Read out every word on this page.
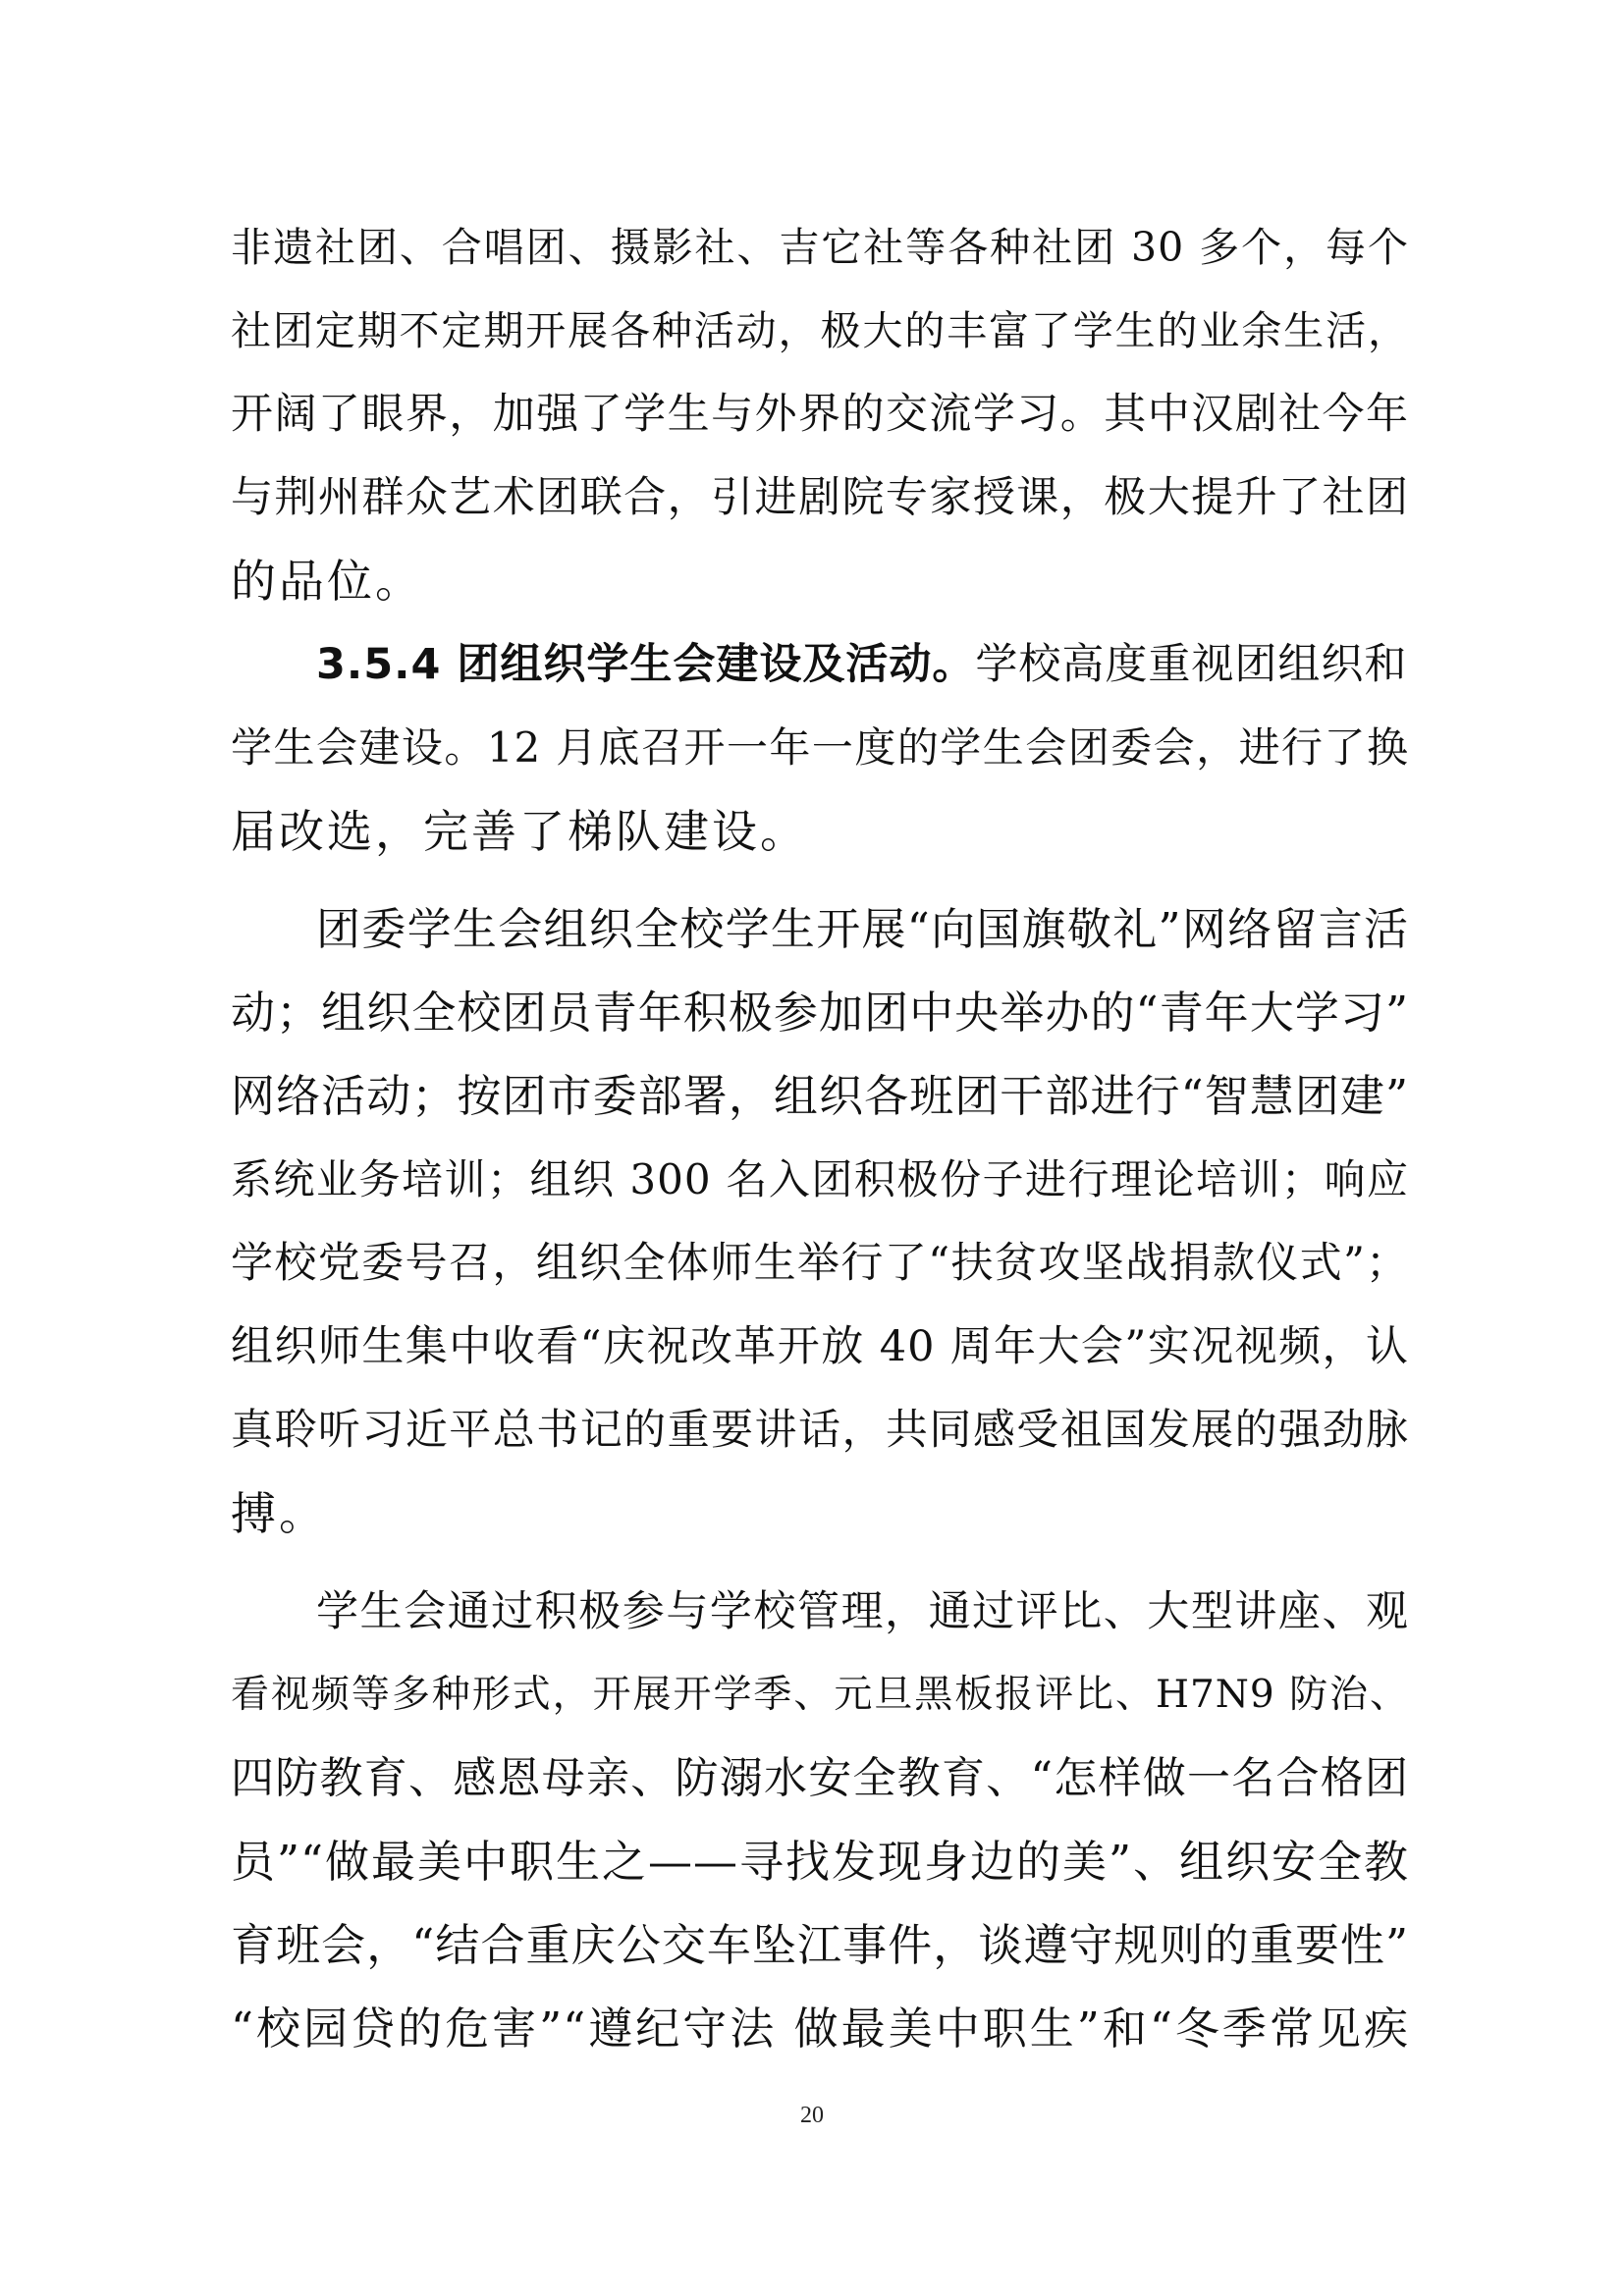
非遗社团、合唱团、摄影社、吉它社等各种社团 30 多个，每个
社团定期不定期开展各种活动，极大的丰富了学生的业余生活，
开阔了眼界，加强了学生与外界的交流学习。其中汉剧社今年
与荆州群众艺术团联合，引进剧院专家授课，极大提升了社团
的品位。
3.5.4 团组织学生会建设及活动。 学校高度重视团组织和
学生会建设。12 月底召开一年一度的学生会团委会，进行了换
届改选，完善了梯队建设。
团委学生会组织全校学生开展“向国旗敬礼”网络留言活
动；组织全校团员青年积极参加团中央举办的“青年大学习”
网络活动；按团市委部署，组织各班团干部进行“智慧团建”
系统业务培训；组织 300 名入团积极份子进行理论培训；响应
学校党委号召，组织全体师生举行了“扶贫攻坚战捐款仪式”；
组织师生集中收看“庆祝改革开放 40 周年大会”实况视频，认
真聆听习近平总书记的重要讲话，共同感受祖国发展的强劲脉
搏。
学生会通过积极参与学校管理，通过评比、大型讲座、观
看视频等多种形式，开展开学季、元旦黑板报评比、H7N9 防治、
四防教育、感恩母亲、防溺水安全教育、“怎样做一名合格团
员”“做最美中职生之——寻找发现身边的美”、组织安全教
育班会，“结合重庆公交车坠江事件，谈遵守规则的重要性”
“校园贷的危害”“遵纪守法 做最美中职生”和“冬季常见疾
20
